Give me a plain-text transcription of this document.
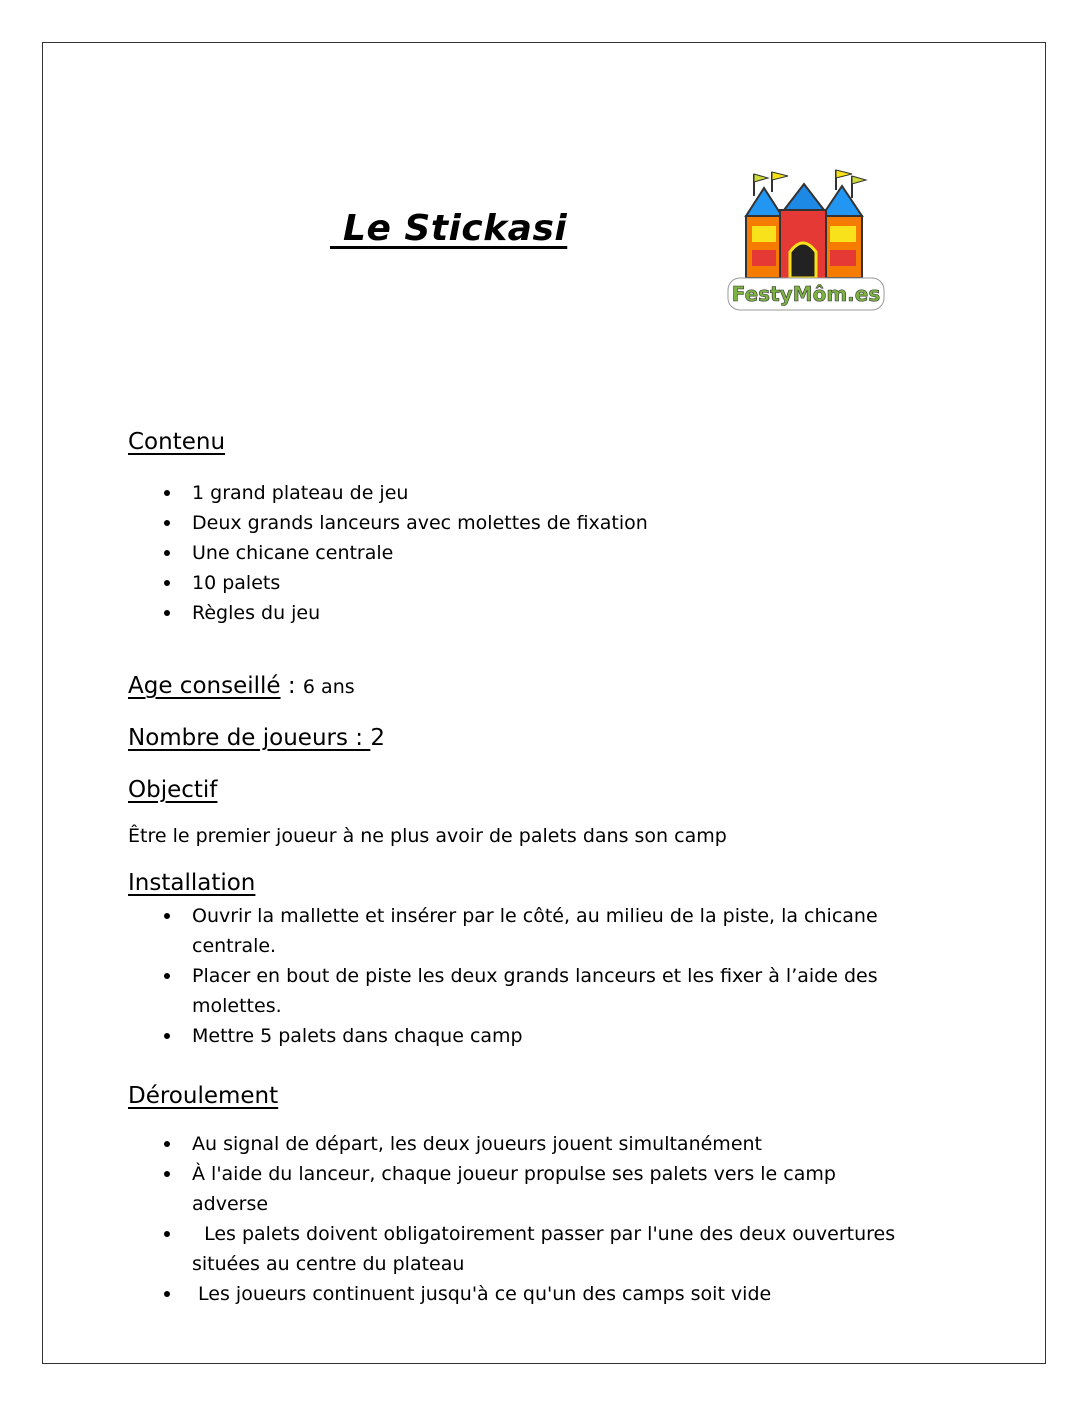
Le Stickasi
FestyMôm.es
Contenu
1 grand plateau de jeu
Deux grands lanceurs avec molettes de fixation
Une chicane centrale
10 palets
Règles du jeu
Age conseillé : 6 ans
Nombre de joueurs : 2
Objectif
Être le premier joueur à ne plus avoir de palets dans son camp
Installation
Ouvrir la mallette et insérer par le côté, au milieu de la piste, la chicane centrale.
Placer en bout de piste les deux grands lanceurs et les fixer à l’aide des molettes.
Mettre 5 palets dans chaque camp
Déroulement
Au signal de départ, les deux joueurs jouent simultanément
À l'aide du lanceur, chaque joueur propulse ses palets vers le camp adverse
Les palets doivent obligatoirement passer par l'une des deux ouvertures situées au centre du plateau
Les joueurs continuent jusqu'à ce qu'un des camps soit vide
